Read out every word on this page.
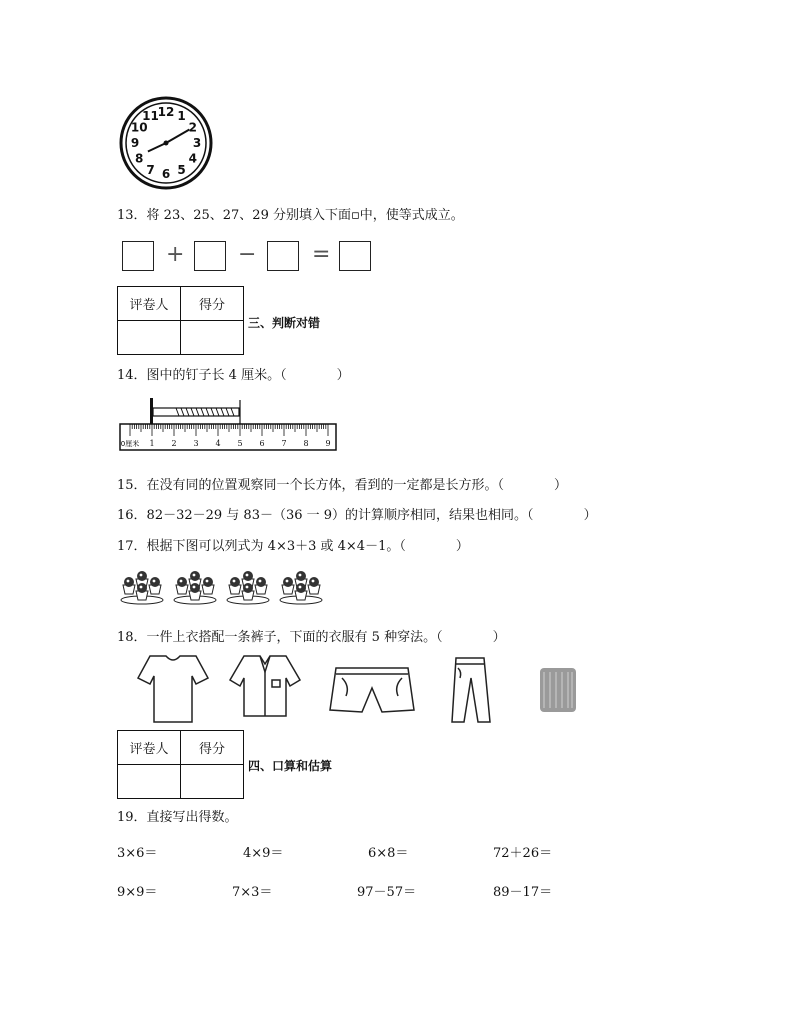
12 1
2
3
4
5
6
7
8
9
10
11
13．将 23、25、27、29 分别填入下面▫中，使等式成立。
+ −	=
评卷人	得分

三、判断对错
14．图中的钉子长 4 厘米。（	）
1 2 3 4 5 6 7 8 9
0厘米
15．在没有同的位置观察同一个长方体，看到的一定都是长方形。（	）
16．82－32－29 与 83－（36 一 9）的计算顺序相同，结果也相同。（	）
17．根据下图可以列式为 4×3＋3 或 4×4－1。（	）
18．一件上衣搭配一条裤子，下面的衣服有 5 种穿法。（	）
评卷人	得分

四、口算和估算
19．直接写出得数。
3×6＝	4×9＝	6×8＝	72＋26＝
9×9＝	7×3＝	97－57＝	89－17＝
